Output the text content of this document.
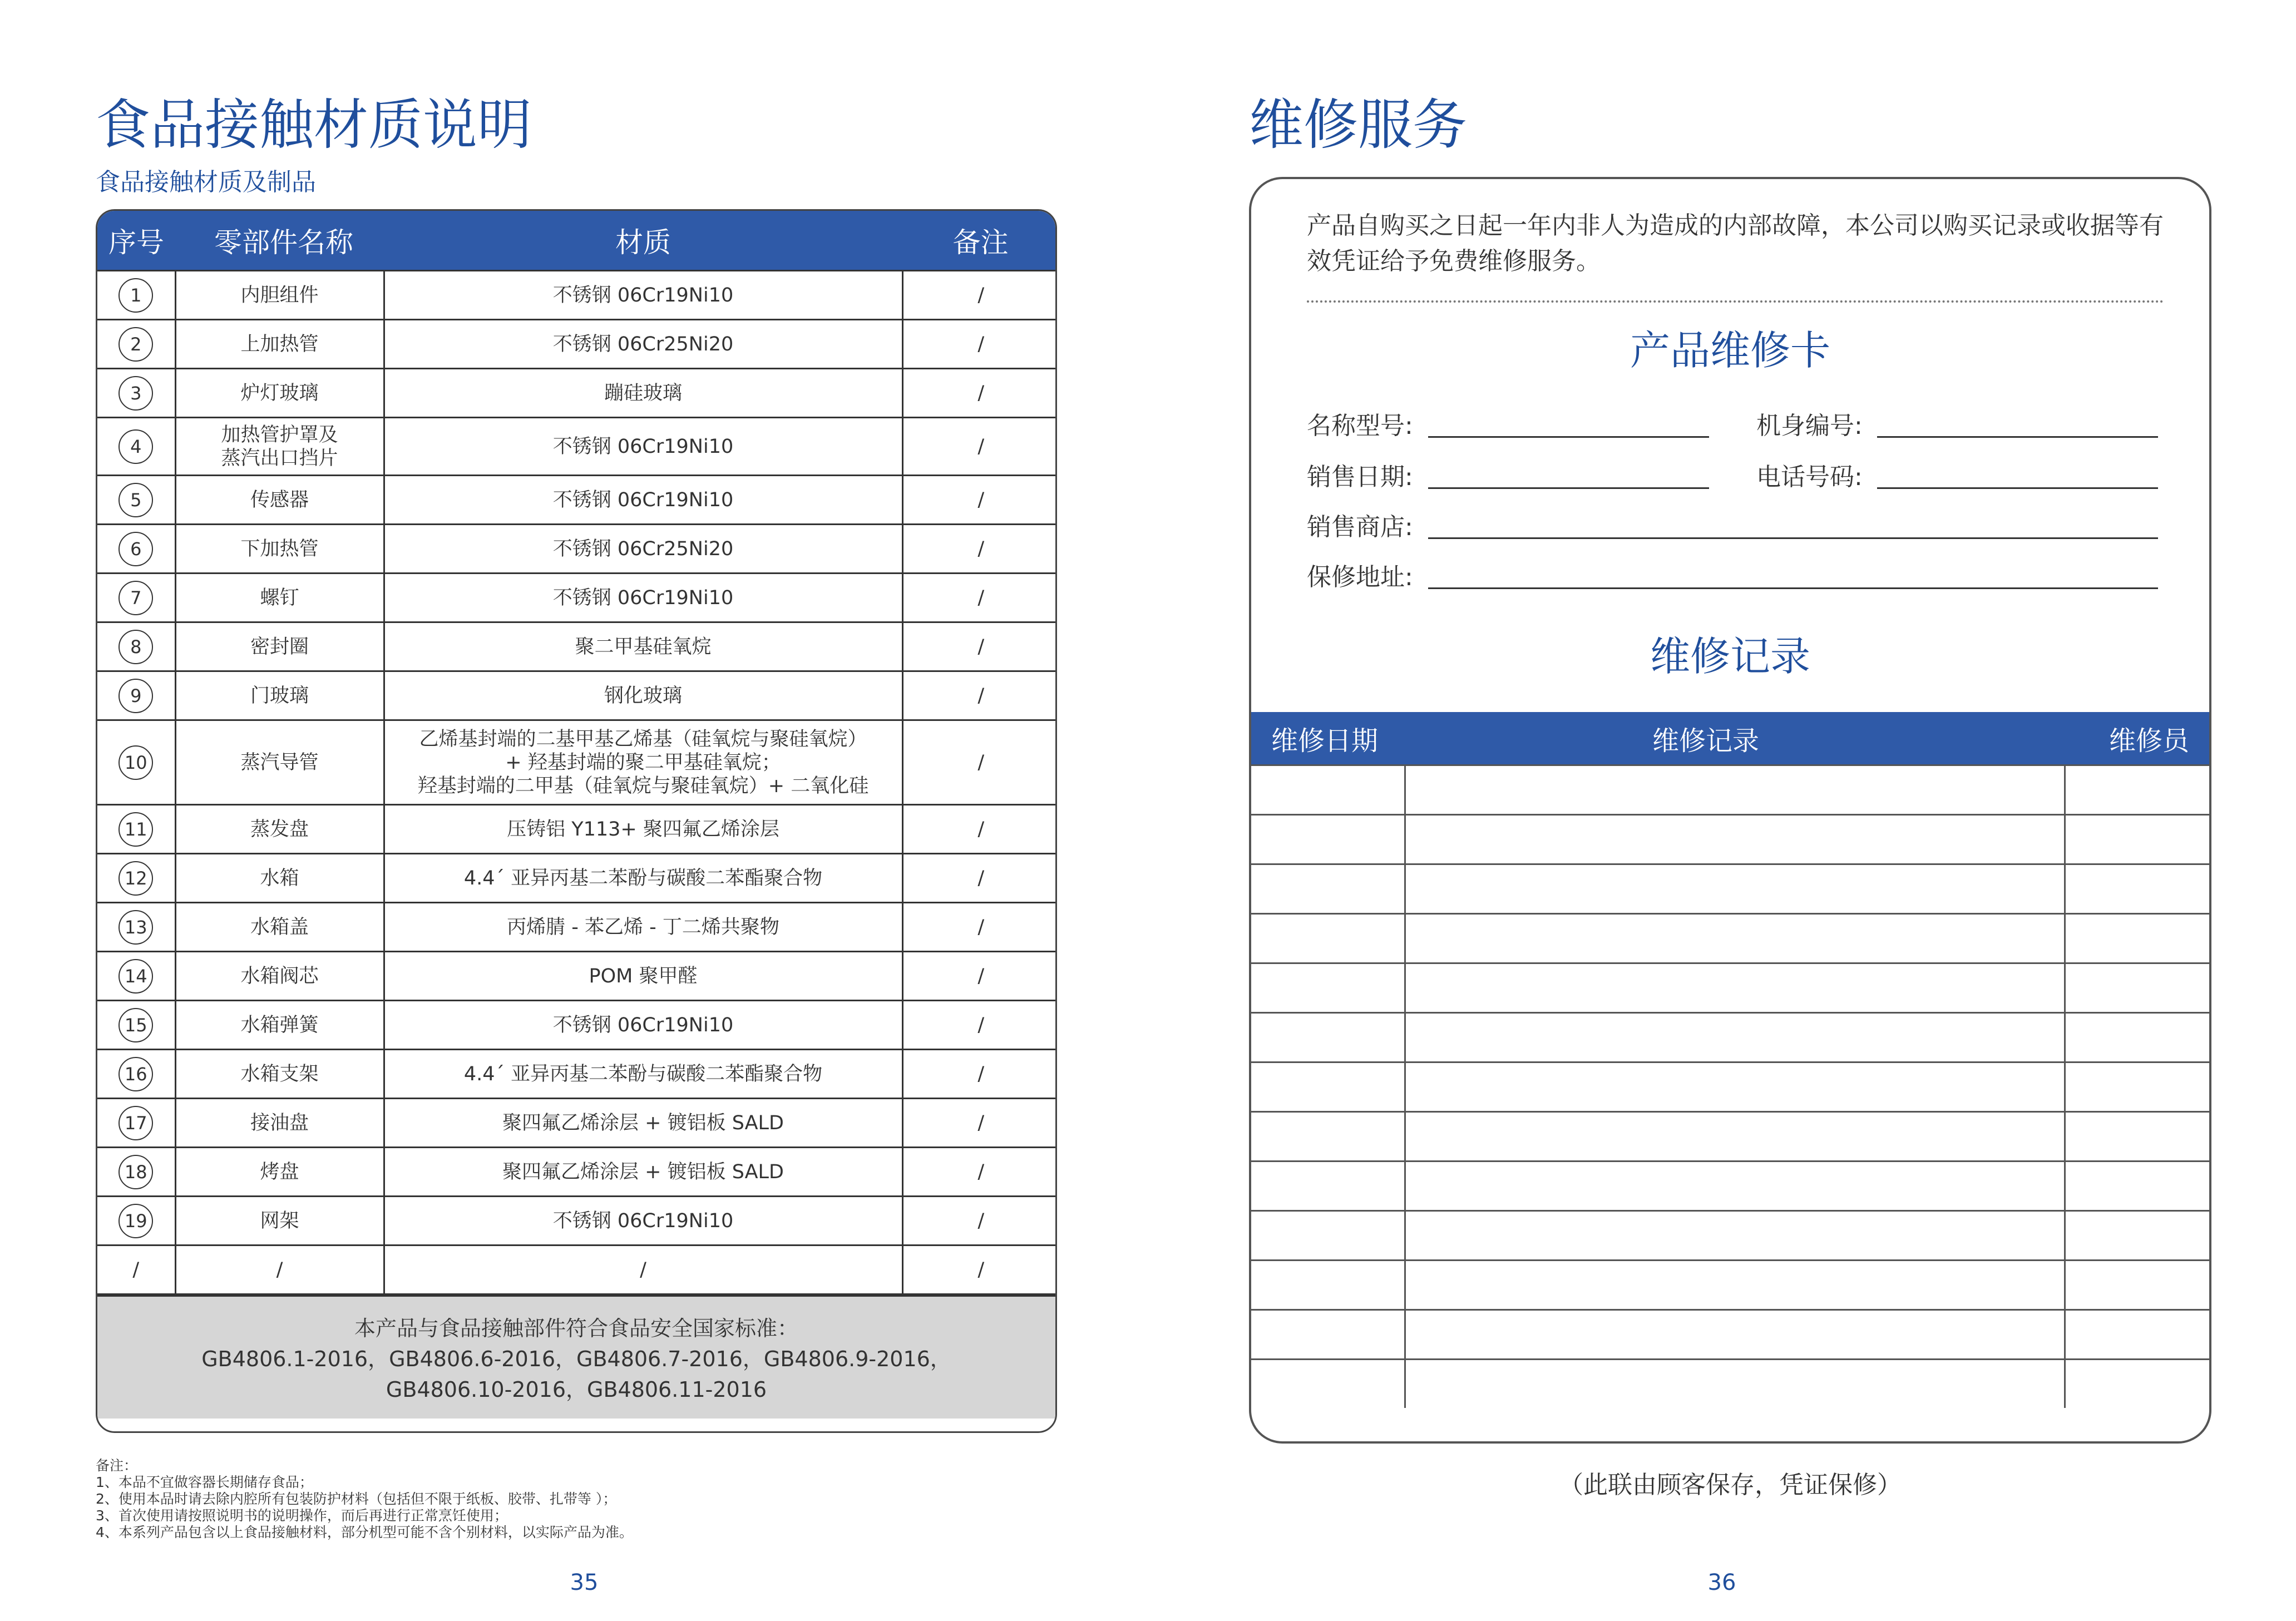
食品接触材质说明
食品接触材质及制品
序号	零部件名称	材质	备注
1	内胆组件	不锈钢 06Cr19Ni10	/
2	上加热管	不锈钢 06Cr25Ni20	/
3	炉灯玻璃	蹦硅玻璃	/
4	加热管护罩及
蒸汽出口挡片	不锈钢 06Cr19Ni10	/
5	传感器	不锈钢 06Cr19Ni10	/
6	下加热管	不锈钢 06Cr25Ni20	/
7	螺钉	不锈钢 06Cr19Ni10	/
8	密封圈	聚二甲基硅氧烷	/
9	门玻璃	钢化玻璃	/
10	蒸汽导管	乙烯基封端的二基甲基乙烯基（硅氧烷与聚硅氧烷）
+ 羟基封端的聚二甲基硅氧烷；
羟基封端的二甲基（硅氧烷与聚硅氧烷）+ 二氧化硅	/
11	蒸发盘	压铸铝 Y113+ 聚四氟乙烯涂层	/
12	水箱	4.4ˊ 亚异丙基二苯酚与碳酸二苯酯聚合物	/
13	水箱盖	丙烯腈 - 苯乙烯 - 丁二烯共聚物	/
14	水箱阀芯	POM 聚甲醛	/
15	水箱弹簧	不锈钢 06Cr19Ni10	/
16	水箱支架	4.4ˊ 亚异丙基二苯酚与碳酸二苯酯聚合物	/
17	接油盘	聚四氟乙烯涂层 + 镀铝板 SALD	/
18	烤盘	聚四氟乙烯涂层 + 镀铝板 SALD	/
19	网架	不锈钢 06Cr19Ni10	/
/	/	/	/
本产品与食品接触部件符合食品安全国家标准：
GB4806.1-2016，GB4806.6-2016，GB4806.7-2016，GB4806.9-2016，
GB4806.10-2016，GB4806.11-2016
备注：
1、本品不宜做容器长期储存食品；
2、使用本品时请去除内腔所有包装防护材料（包括但不限于纸板、胶带、扎带等 ）；
3、首次使用请按照说明书的说明操作，而后再进行正常烹饪使用；
4、本系列产品包含以上食品接触材料，部分机型可能不含个别材料，以实际产品为准。
35
维修服务
产品自购买之日起一年内非人为造成的内部故障，本公司以购买记录或收据等有效凭证给予免费维修服务。
产品维修卡
名称型号:	机身编号:
销售日期:	电话号码:
销售商店:
保修地址:
维修记录
维修日期	维修记录	维修员

（此联由顾客保存，凭证保修）
36
